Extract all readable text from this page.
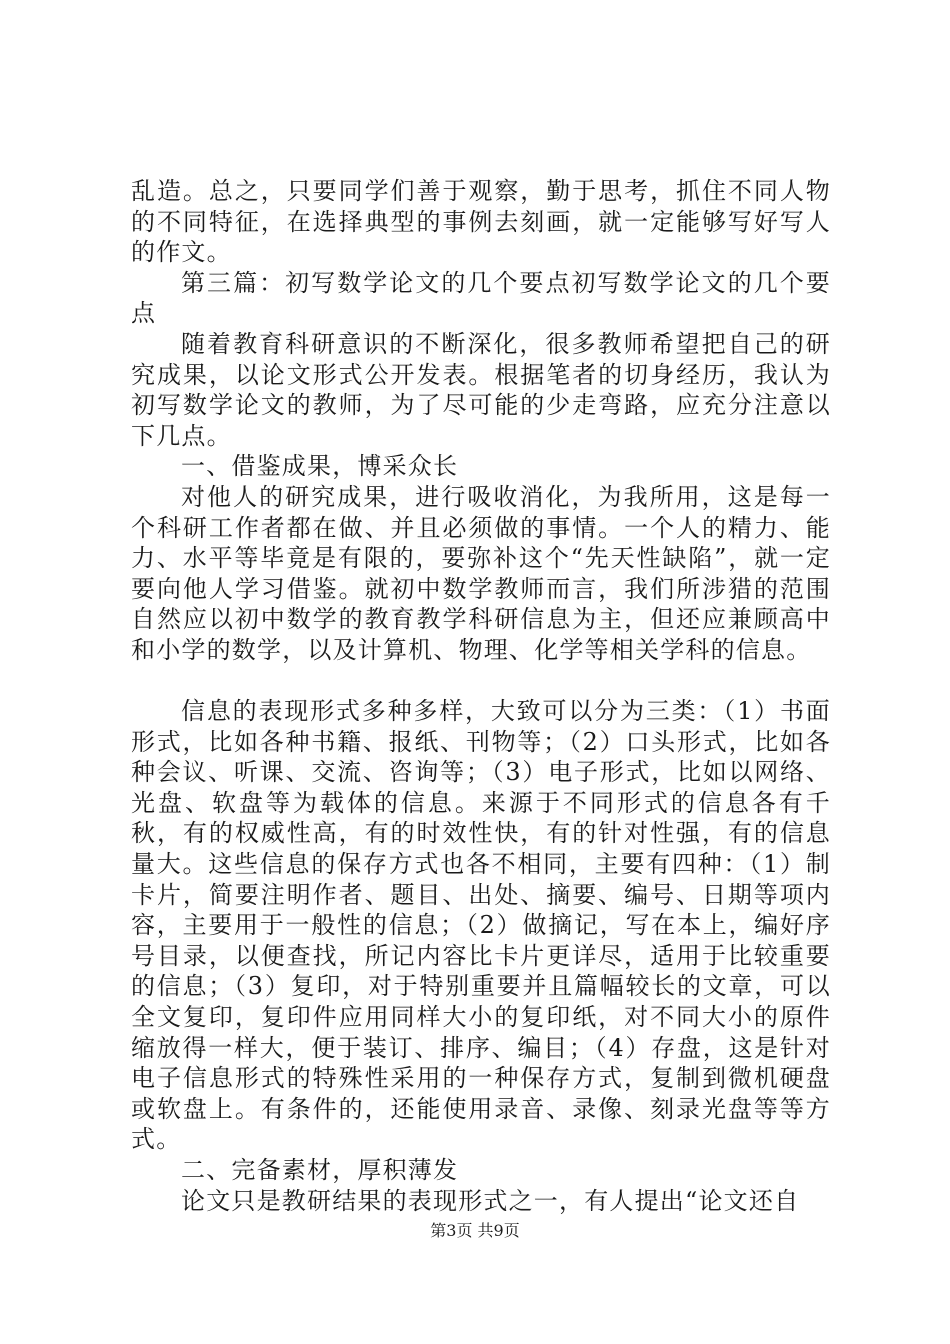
乱造。总之，只要同学们善于观察，勤于思考，抓住不同人物的不同特征，在选择典型的事例去刻画，就一定能够写好写人的作文。

第三篇：初写数学论文的几个要点初写数学论文的几个要点

随着教育科研意识的不断深化，很多教师希望把自己的研究成果，以论文形式公开发表。根据笔者的切身经历，我认为初写数学论文的教师，为了尽可能的少走弯路，应充分注意以下几点。

一、借鉴成果，博采众长

对他人的研究成果，进行吸收消化，为我所用，这是每一个科研工作者都在做、并且必须做的事情。一个人的精力、能力、水平等毕竟是有限的，要弥补这个“先天性缺陷”，就一定要向他人学习借鉴。就初中数学教师而言，我们所涉猎的范围自然应以初中数学的教育教学科研信息为主，但还应兼顾高中和小学的数学，以及计算机、物理、化学等相关学科的信息。

信息的表现形式多种多样，大致可以分为三类：（1）书面形式，比如各种书籍、报纸、刊物等；（2）口头形式，比如各种会议、听课、交流、咨询等；（3）电子形式，比如以网络、光盘、软盘等为载体的信息。来源于不同形式的信息各有千秋，有的权威性高，有的时效性快，有的针对性强，有的信息量大。这些信息的保存方式也各不相同，主要有四种：（1）制卡片，简要注明作者、题目、出处、摘要、编号、日期等项内容，主要用于一般性的信息；（2）做摘记，写在本上，编好序号目录，以便查找，所记内容比卡片更详尽，适用于比较重要的信息；（3）复印，对于特别重要并且篇幅较长的文章，可以全文复印，复印件应用同样大小的复印纸，对不同大小的原件缩放得一样大，便于装订、排序、编目；（4）存盘，这是针对电子信息形式的特殊性采用的一种保存方式，复制到微机硬盘或软盘上。有条件的，还能使用录音、录像、刻录光盘等等方式。

二、完备素材，厚积薄发

论文只是教研结果的表现形式之一，有人提出“论文还自

第3页 共9页
